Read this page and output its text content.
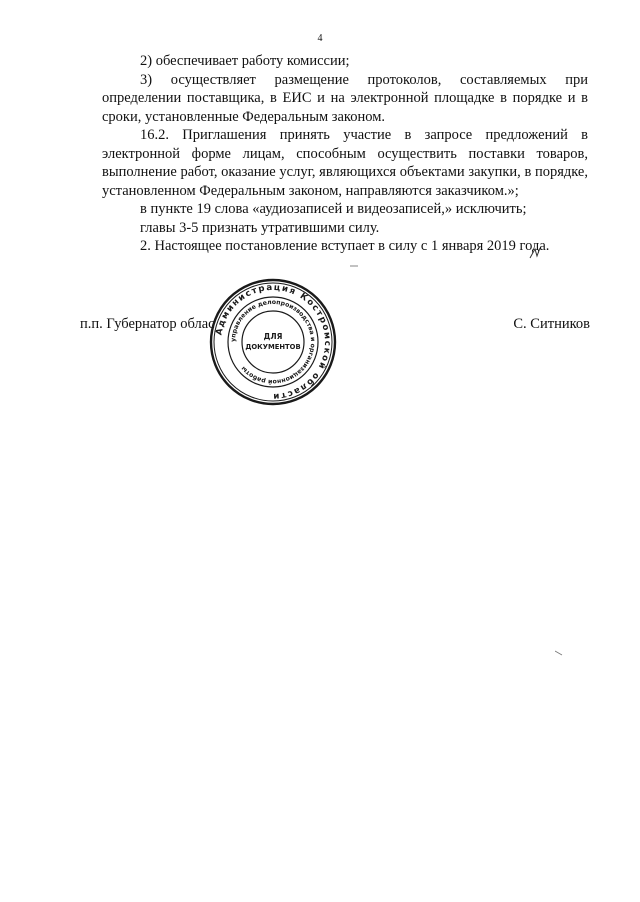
4

2) обеспечивает работу комиссии;

3) осуществляет размещение протоколов, составляемых при определении поставщика, в ЕИС и на электронной площадке в порядке и в сроки, установленные Федеральным законом.

16.2. Приглашения принять участие в запросе предложений в электронной форме лицам, способным осуществить поставки товаров, выполнение работ, оказание услуг, являющихся объектами закупки, в порядке, установленном Федеральным законом, направляются заказчиком.»;

в пункте 19 слова «аудиозаписей и видеозаписей,» исключить;

главы 3-5 признать утратившими силу.

2. Настоящее постановление вступает в силу с 1 января 2019 года.

п.п. Губернатор облас	С. Ситников
Администрация Костромской области
управление делопроизводства и организационной работы
ДЛЯ
ДОКУМЕНТОВ
